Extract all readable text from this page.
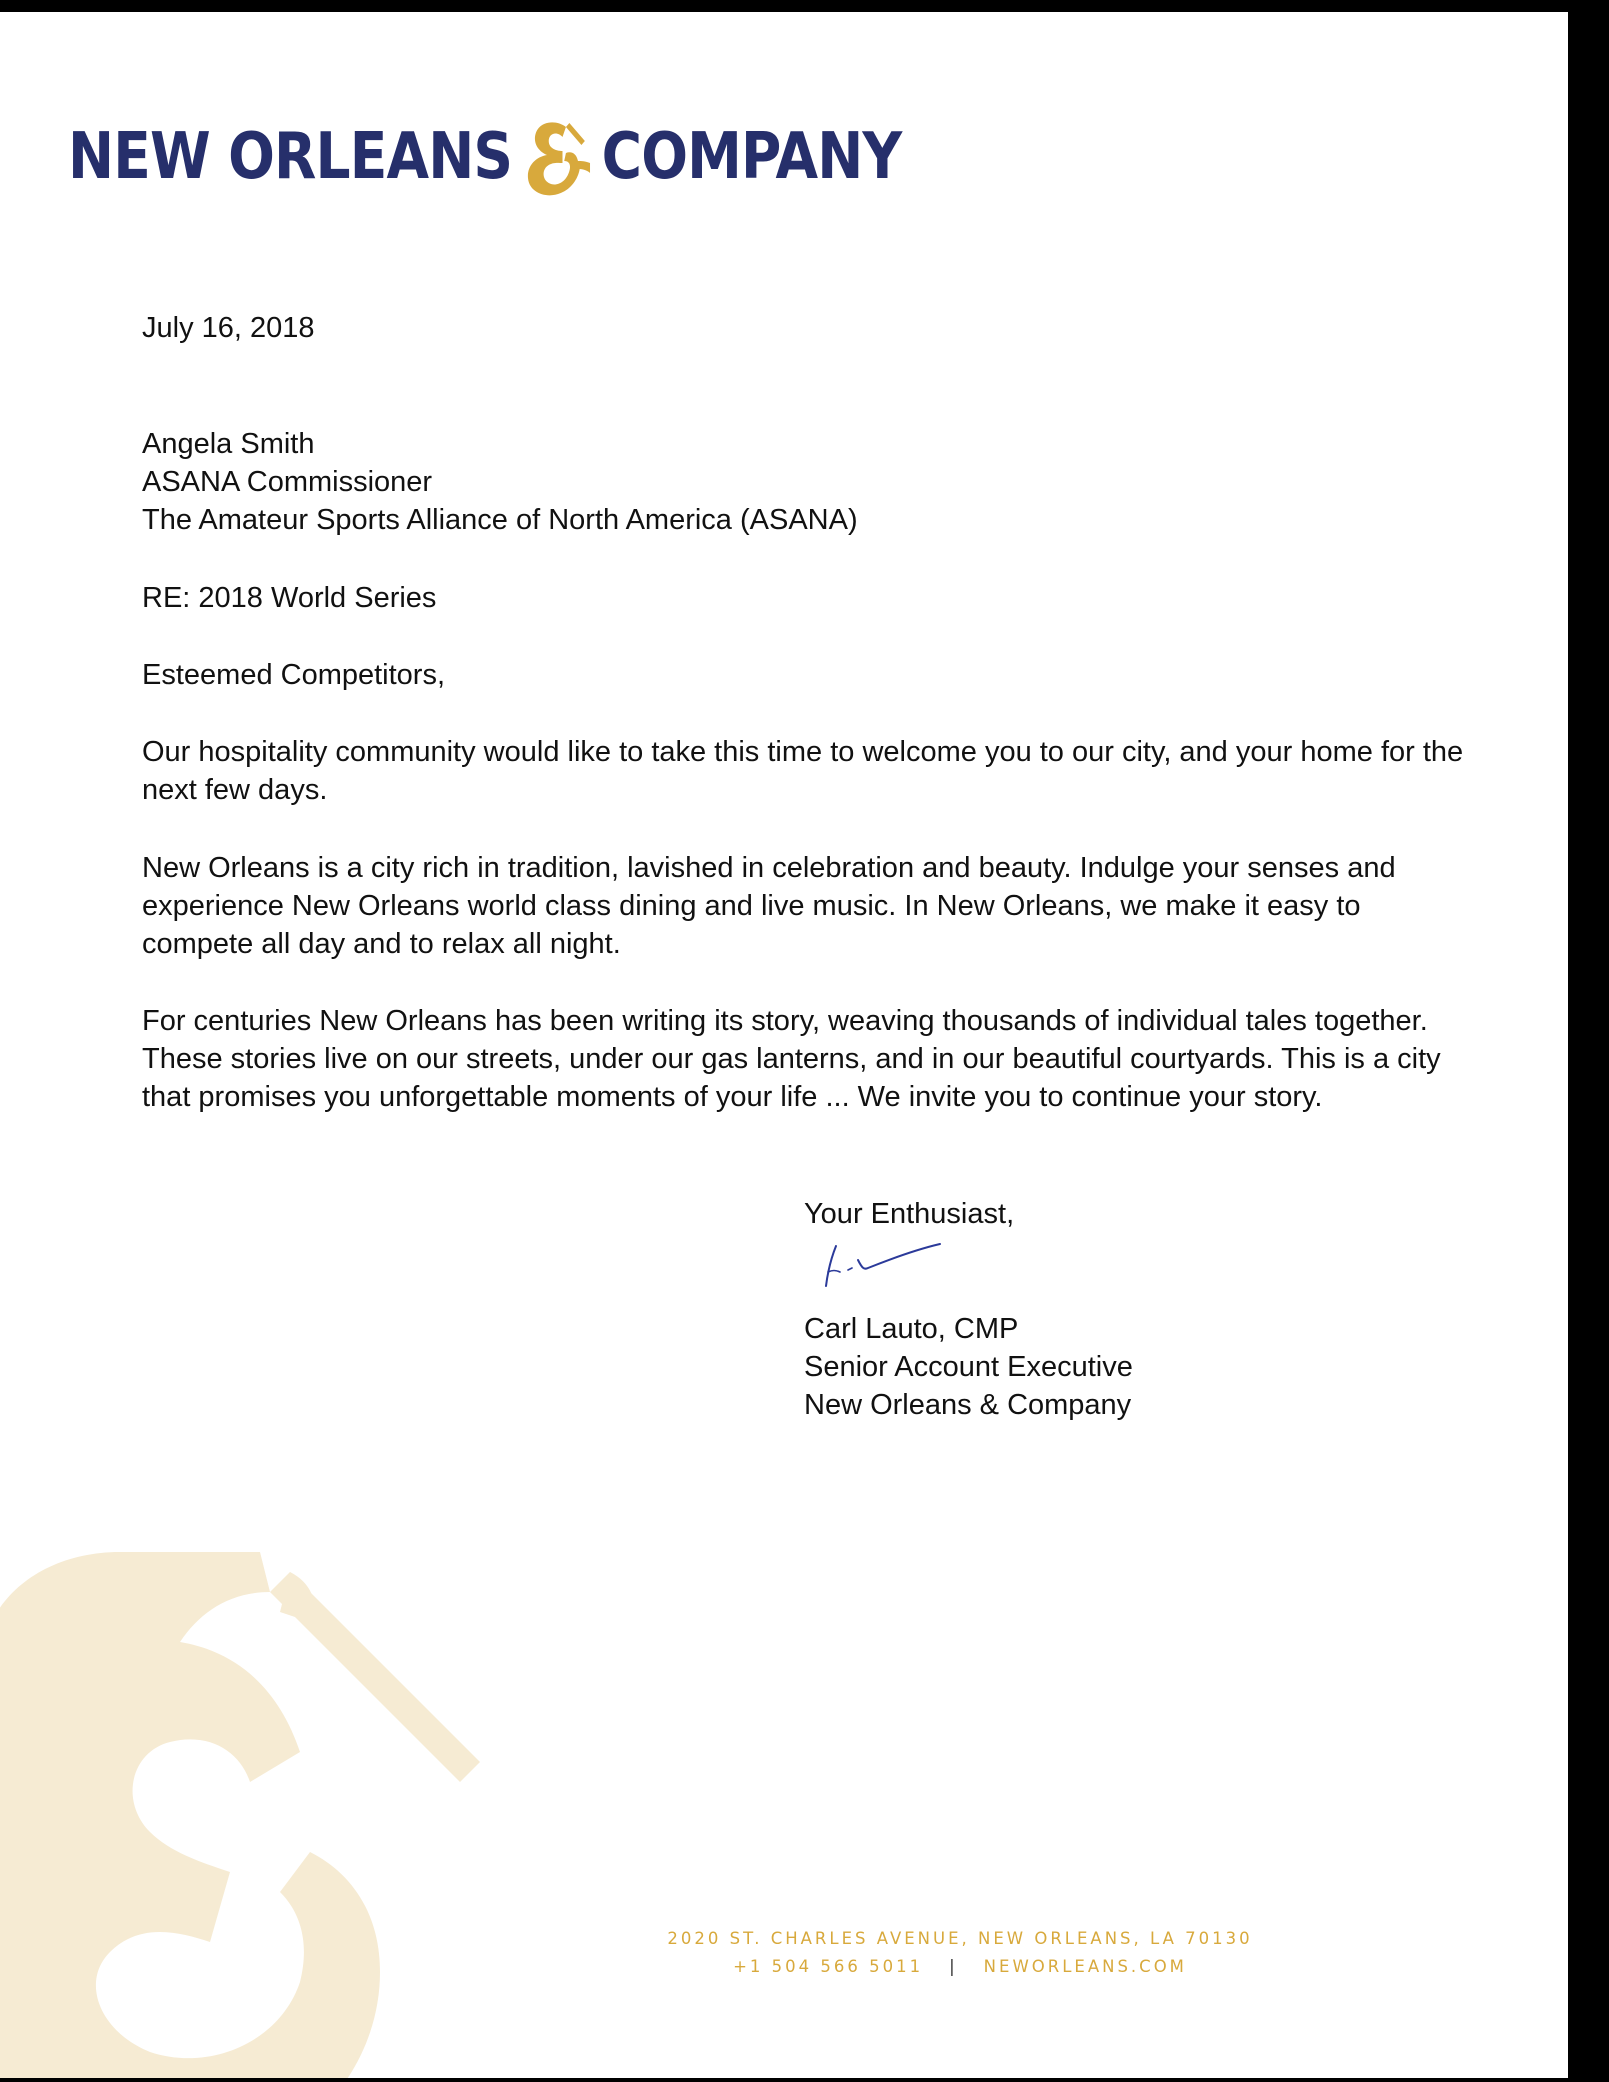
NEW ORLEANS COMPANY
July 16, 2018
Angela Smith
ASANA Commissioner
The Amateur Sports Alliance of North America (ASANA)
RE: 2018 World Series
Esteemed Competitors,
Our hospitality community would like to take this time to welcome you to our city, and your home for the next few days.
New Orleans is a city rich in tradition, lavished in celebration and beauty. Indulge your senses and experience New Orleans world class dining and live music. In New Orleans, we make it easy to compete all day and to relax all night.
For centuries New Orleans has been writing its story, weaving thousands of individual tales together. These stories live on our streets, under our gas lanterns, and in our beautiful courtyards. This is a city that promises you unforgettable moments of your life ... We invite you to continue your story.
Your Enthusiast,
Carl Lauto, CMP
Senior Account Executive
New Orleans & Company
2020 ST. CHARLES AVENUE, NEW ORLEANS, LA 70130
+1 504 566 5011 | NEWORLEANS.COM
